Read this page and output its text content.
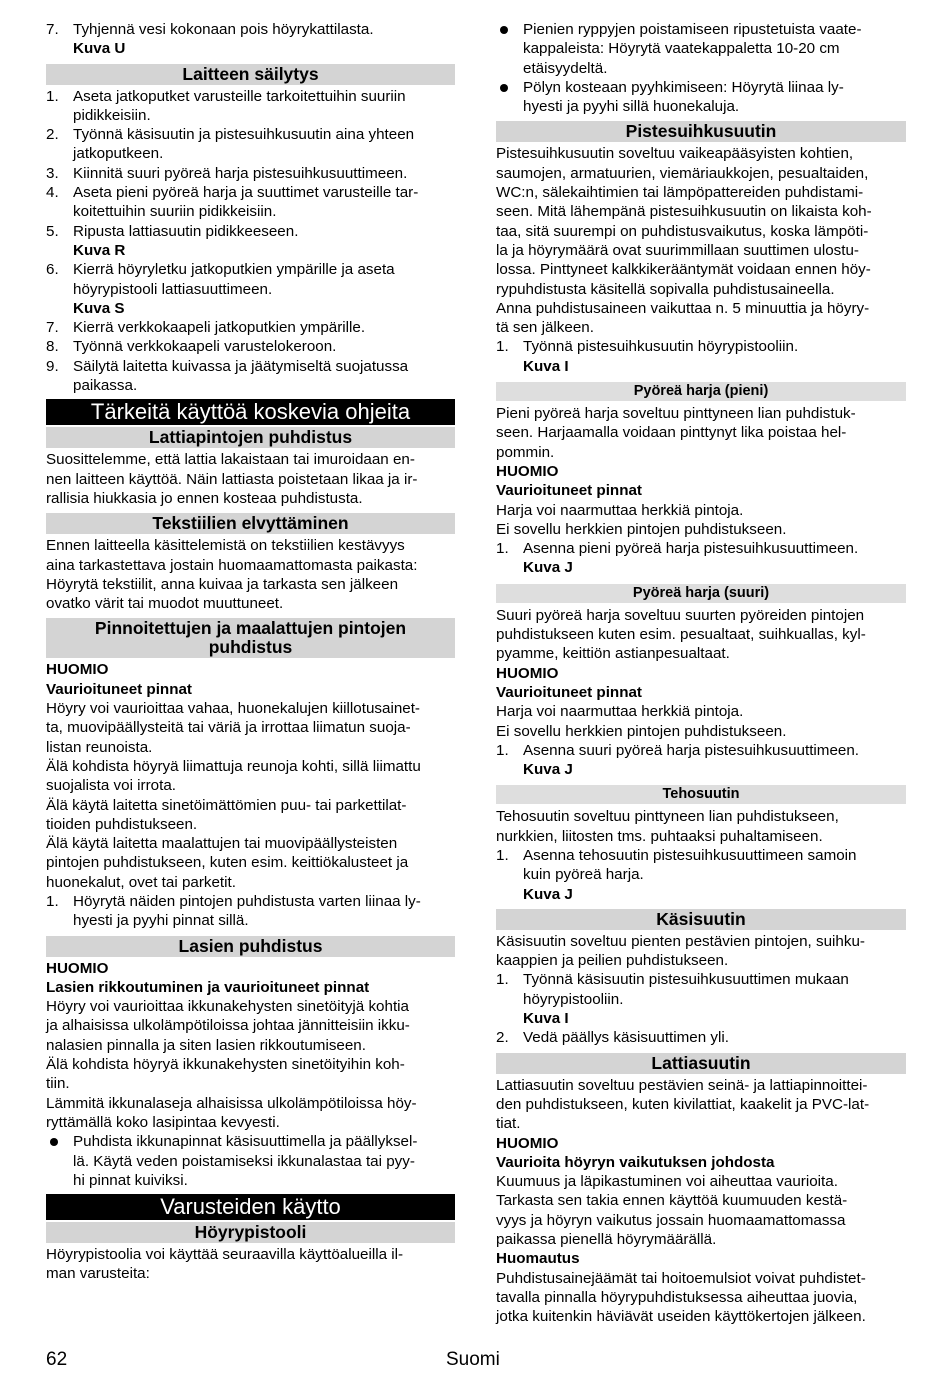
7. Tyhjennä vesi kokonaan pois höyrykattilasta.
Kuva U
Laitteen säilytys
1. Aseta jatkoputket varusteille tarkoitettuihin suuriin
pidikkeisiin.
2. Työnnä käsisuutin ja pistesuihkusuutin aina yhteen
jatkoputkeen.
3. Kiinnitä suuri pyöreä harja pistesuihkusuuttimeen.
4. Aseta pieni pyöreä harja ja suuttimet varusteille tar-
koitettuihin suuriin pidikkeisiin.
5. Ripusta lattiasuutin pidikkeeseen.
Kuva R
6. Kierrä höyryletku jatkoputkien ympärille ja aseta
höyrypistooli lattiasuuttimeen.
Kuva S
7. Kierrä verkkokaapeli jatkoputkien ympärille.
8. Työnnä verkkokaapeli varustelokeroon.
9. Säilytä laitetta kuivassa ja jäätymiseltä suojatussa
paikassa.
Tärkeitä käyttöä koskevia ohjeita
Lattiapintojen puhdistus
Suosittelemme, että lattia lakaistaan tai imuroidaan en-
nen laitteen käyttöä. Näin lattiasta poistetaan likaa ja ir-
rallisia hiukkasia jo ennen kosteaa puhdistusta.
Tekstiilien elvyttäminen
Ennen laitteella käsittelemistä on tekstiilien kestävyys
aina tarkastettava jostain huomaamattomasta paikasta:
Höyrytä tekstiilit, anna kuivaa ja tarkasta sen jälkeen
ovatko värit tai muodot muuttuneet.
Pinnoitettujen ja maalattujen pintojen
puhdistus
HUOMIO
Vaurioituneet pinnat
Höyry voi vaurioittaa vahaa, huonekalujen kiillotusainet-
ta, muovipäällysteitä tai väriä ja irrottaa liimatun suoja-
listan reunoista.
Älä kohdista höyryä liimattuja reunoja kohti, sillä liimattu
suojalista voi irrota.
Älä käytä laitetta sinetöimättömien puu- tai parkettilat-
tioiden puhdistukseen.
Älä käytä laitetta maalattujen tai muovipäällysteisten
pintojen puhdistukseen, kuten esim. keittiökalusteet ja
huonekalut, ovet tai parketit.
1. Höyrytä näiden pintojen puhdistusta varten liinaa ly-
hyesti ja pyyhi pinnat sillä.
Lasien puhdistus
HUOMIO
Lasien rikkoutuminen ja vaurioituneet pinnat
Höyry voi vaurioittaa ikkunakehysten sinetöityjä kohtia
ja alhaisissa ulkolämpötiloissa johtaa jännitteisiin ikku-
nalasien pinnalla ja siten lasien rikkoutumiseen.
Älä kohdista höyryä ikkunakehysten sinetöityihin koh-
tiin.
Lämmitä ikkunalaseja alhaisissa ulkolämpötiloissa höy-
ryttämällä koko lasipintaa kevyesti.
Puhdista ikkunapinnat käsisuuttimella ja päällyksel-
lä. Käytä veden poistamiseksi ikkunalastaa tai pyy-
hi pinnat kuiviksi.
Varusteiden käytto
Höyrypistooli
Höyrypistoolia voi käyttää seuraavilla käyttöalueilla il-
man varusteita:
Pienien ryppyjen poistamiseen ripustetuista vaate-
kappaleista: Höyrytä vaatekappaletta 10-20 cm
etäisyydeltä.
Pölyn kosteaan pyyhkimiseen: Höyrytä liinaa ly-
hyesti ja pyyhi sillä huonekaluja.
Pistesuihkusuutin
Pistesuihkusuutin soveltuu vaikeapääsyisten kohtien,
saumojen, armatuurien, viemäriaukkojen, pesualtaiden,
WC:n, sälekaihtimien tai lämpöpattereiden puhdistami-
seen. Mitä lähempänä pistesuihkusuutin on likaista koh-
taa, sitä suurempi on puhdistusvaikutus, koska lämpöti-
la ja höyrymäärä ovat suurimmillaan suuttimen ulostu-
lossa. Pinttyneet kalkkikerääntymät voidaan ennen höy-
rypuhdistusta käsitellä sopivalla puhdistusaineella.
Anna puhdistusaineen vaikuttaa n. 5 minuuttia ja höyry-
tä sen jälkeen.
1. Työnnä pistesuihkusuutin höyrypistooliin.
Kuva I
Pyöreä harja (pieni)
Pieni pyöreä harja soveltuu pinttyneen lian puhdistuk-
seen. Harjaamalla voidaan pinttynyt lika poistaa hel-
pommin.
HUOMIO
Vaurioituneet pinnat
Harja voi naarmuttaa herkkiä pintoja.
Ei sovellu herkkien pintojen puhdistukseen.
1. Asenna pieni pyöreä harja pistesuihkusuuttimeen.
Kuva J
Pyöreä harja (suuri)
Suuri pyöreä harja soveltuu suurten pyöreiden pintojen
puhdistukseen kuten esim. pesualtaat, suihkuallas, kyl-
pyamme, keittiön astianpesualtaat.
HUOMIO
Vaurioituneet pinnat
Harja voi naarmuttaa herkkiä pintoja.
Ei sovellu herkkien pintojen puhdistukseen.
1. Asenna suuri pyöreä harja pistesuihkusuuttimeen.
Kuva J
Tehosuutin
Tehosuutin soveltuu pinttyneen lian puhdistukseen,
nurkkien, liitosten tms. puhtaaksi puhaltamiseen.
1. Asenna tehosuutin pistesuihkusuuttimeen samoin
kuin pyöreä harja.
Kuva J
Käsisuutin
Käsisuutin soveltuu pienten pestävien pintojen, suihku-
kaappien ja peilien puhdistukseen.
1. Työnnä käsisuutin pistesuihkusuuttimen mukaan
höyrypistooliin.
Kuva I
2. Vedä päällys käsisuuttimen yli.
Lattiasuutin
Lattiasuutin soveltuu pestävien seinä- ja lattiapinnoittei-
den puhdistukseen, kuten kivilattiat, kaakelit ja PVC-lat-
tiat.
HUOMIO
Vaurioita höyryn vaikutuksen johdosta
Kuumuus ja läpikastuminen voi aiheuttaa vaurioita.
Tarkasta sen takia ennen käyttöä kuumuuden kestä-
vyys ja höyryn vaikutus jossain huomaamattomassa
paikassa pienellä höyrymäärällä.
Huomautus
Puhdistusainejäämät tai hoitoemulsiot voivat puhdistet-
tavalla pinnalla höyrypuhdistuksessa aiheuttaa juovia,
jotka kuitenkin häviävät useiden käyttökertojen jälkeen.
62	Suomi
